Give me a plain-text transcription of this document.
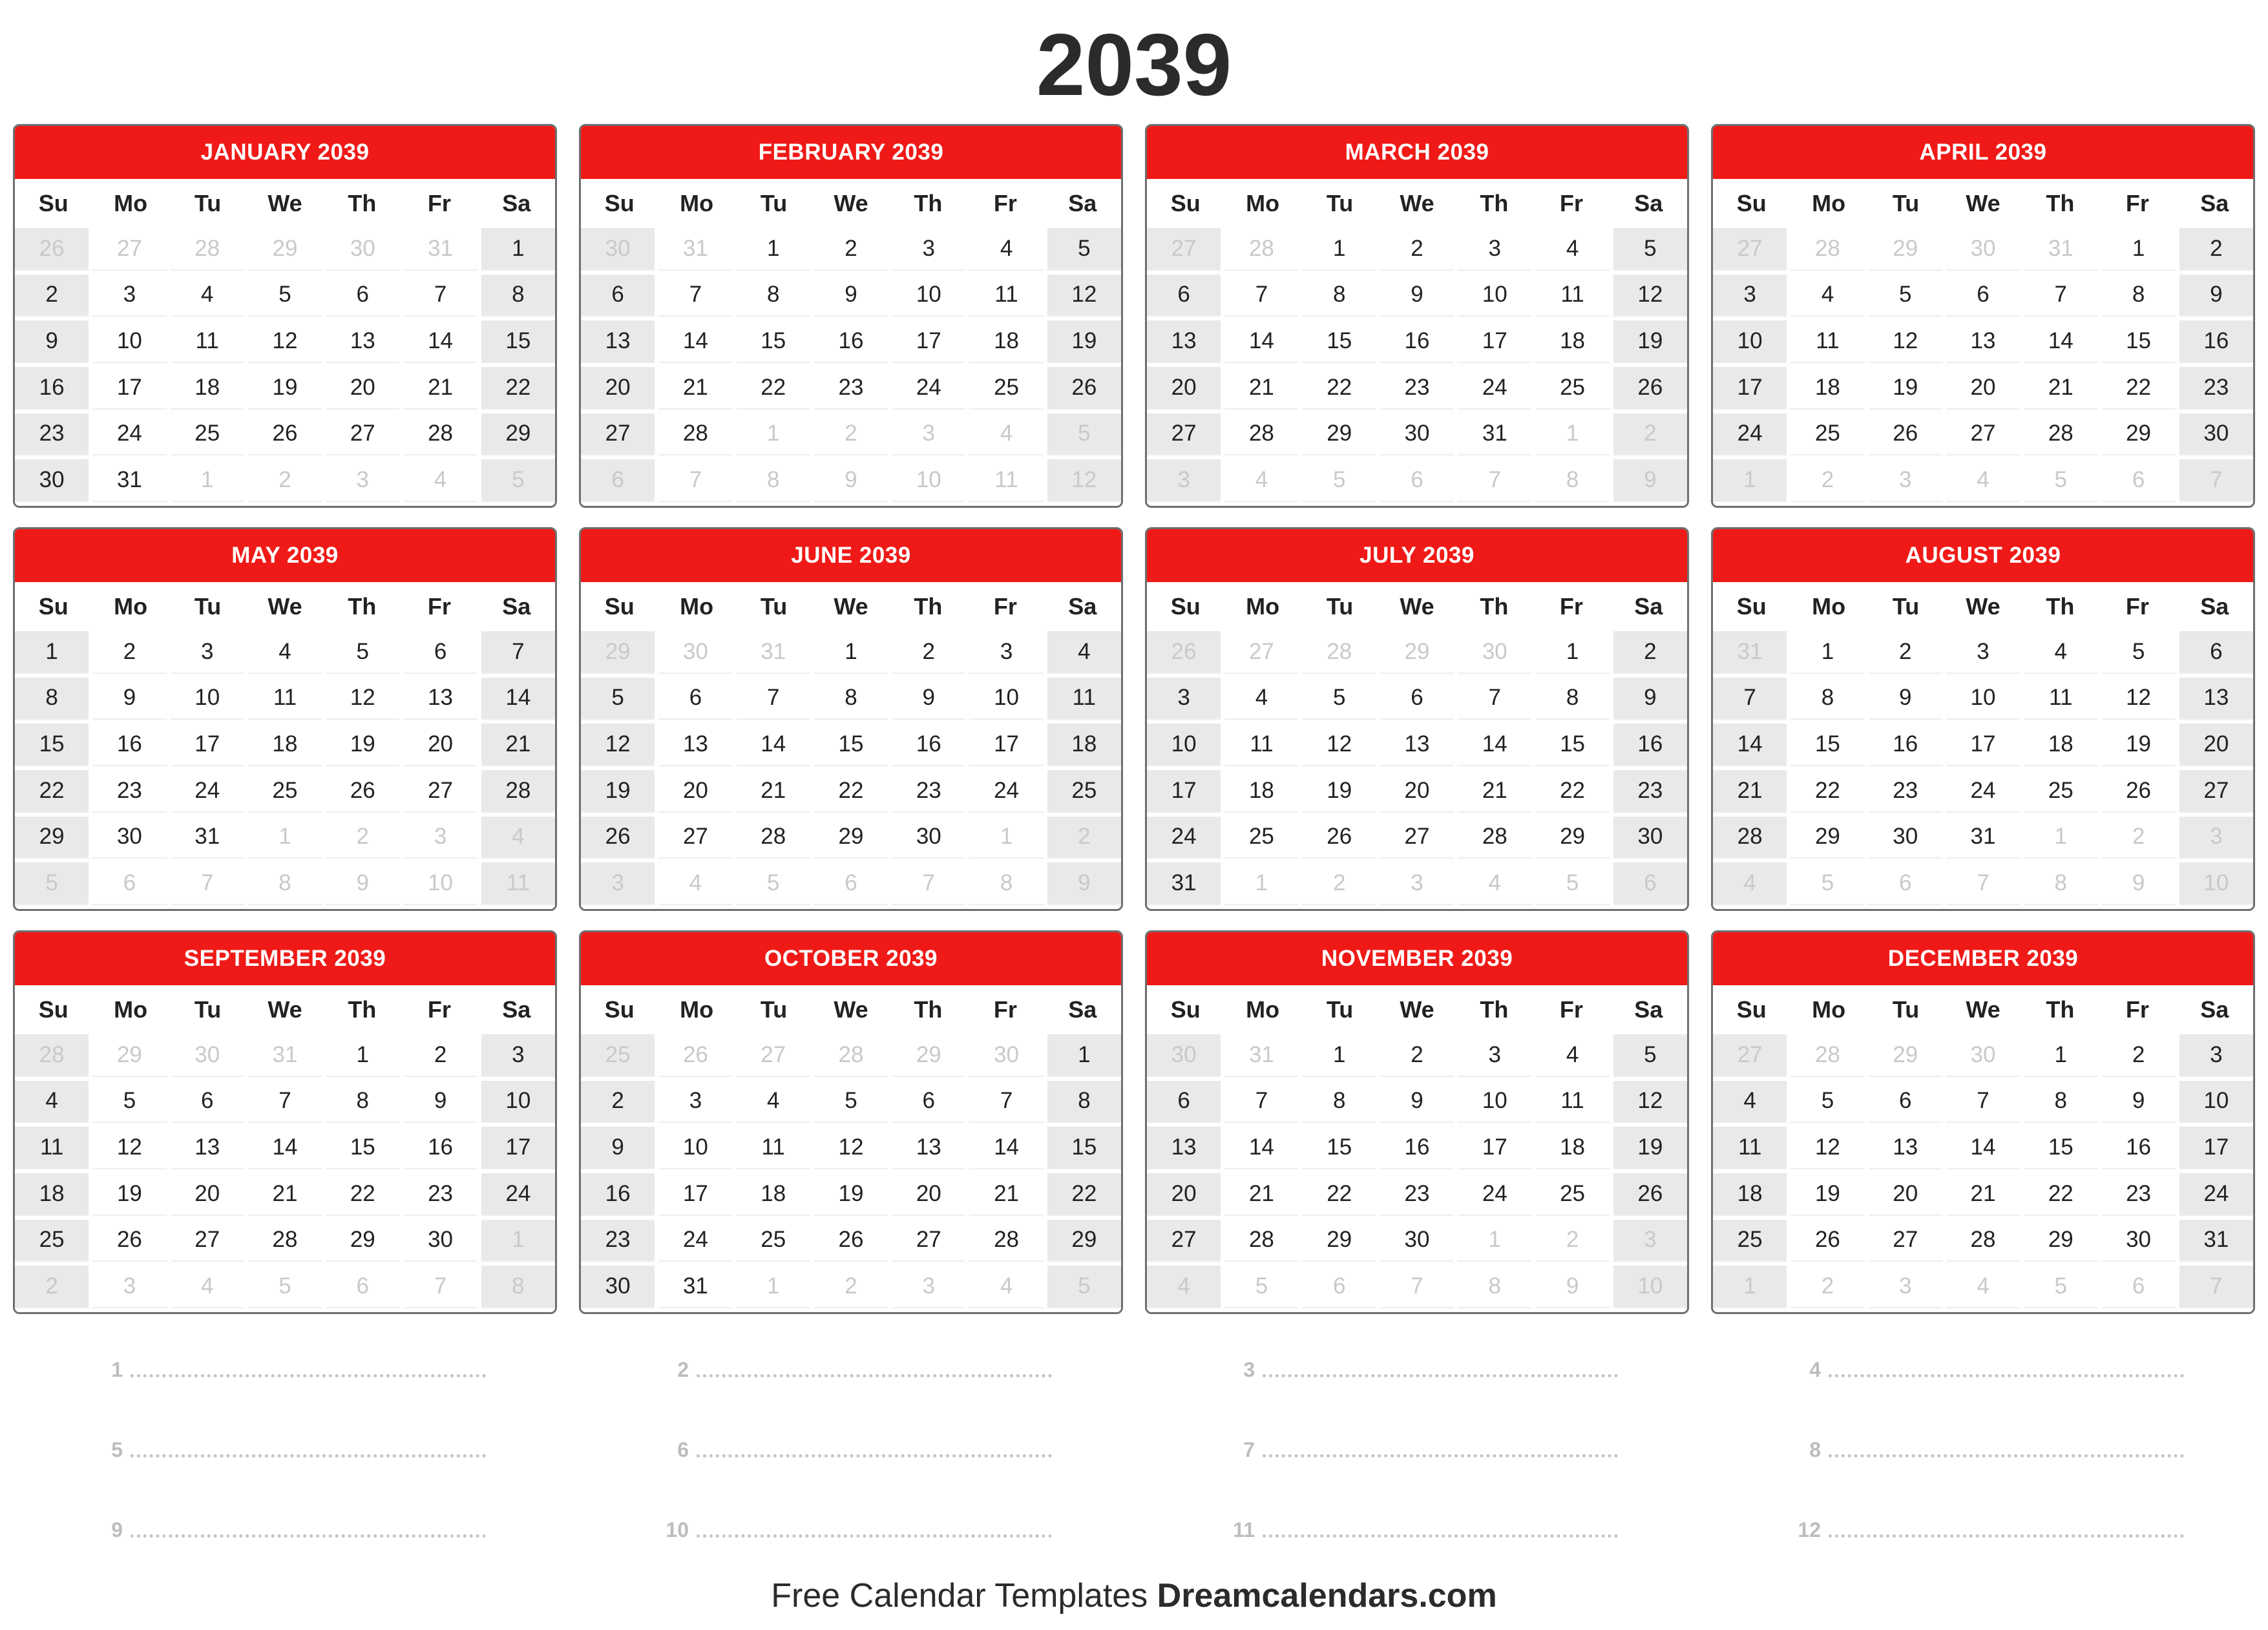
2039
JANUARY 2039
Su	Mo	Tu	We	Th	Fr	Sa
26	27	28	29	30	31	1
2	3	4	5	6	7	8
9	10	11	12	13	14	15
16	17	18	19	20	21	22
23	24	25	26	27	28	29
30	31	1	2	3	4	5
FEBRUARY 2039
Su	Mo	Tu	We	Th	Fr	Sa
30	31	1	2	3	4	5
6	7	8	9	10	11	12
13	14	15	16	17	18	19
20	21	22	23	24	25	26
27	28	1	2	3	4	5
6	7	8	9	10	11	12
MARCH 2039
Su	Mo	Tu	We	Th	Fr	Sa
27	28	1	2	3	4	5
6	7	8	9	10	11	12
13	14	15	16	17	18	19
20	21	22	23	24	25	26
27	28	29	30	31	1	2
3	4	5	6	7	8	9
APRIL 2039
Su	Mo	Tu	We	Th	Fr	Sa
27	28	29	30	31	1	2
3	4	5	6	7	8	9
10	11	12	13	14	15	16
17	18	19	20	21	22	23
24	25	26	27	28	29	30
1	2	3	4	5	6	7
MAY 2039
Su	Mo	Tu	We	Th	Fr	Sa
1	2	3	4	5	6	7
8	9	10	11	12	13	14
15	16	17	18	19	20	21
22	23	24	25	26	27	28
29	30	31	1	2	3	4
5	6	7	8	9	10	11
JUNE 2039
Su	Mo	Tu	We	Th	Fr	Sa
29	30	31	1	2	3	4
5	6	7	8	9	10	11
12	13	14	15	16	17	18
19	20	21	22	23	24	25
26	27	28	29	30	1	2
3	4	5	6	7	8	9
JULY 2039
Su	Mo	Tu	We	Th	Fr	Sa
26	27	28	29	30	1	2
3	4	5	6	7	8	9
10	11	12	13	14	15	16
17	18	19	20	21	22	23
24	25	26	27	28	29	30
31	1	2	3	4	5	6
AUGUST 2039
Su	Mo	Tu	We	Th	Fr	Sa
31	1	2	3	4	5	6
7	8	9	10	11	12	13
14	15	16	17	18	19	20
21	22	23	24	25	26	27
28	29	30	31	1	2	3
4	5	6	7	8	9	10
SEPTEMBER 2039
Su	Mo	Tu	We	Th	Fr	Sa
28	29	30	31	1	2	3
4	5	6	7	8	9	10
11	12	13	14	15	16	17
18	19	20	21	22	23	24
25	26	27	28	29	30	1
2	3	4	5	6	7	8
OCTOBER 2039
Su	Mo	Tu	We	Th	Fr	Sa
25	26	27	28	29	30	1
2	3	4	5	6	7	8
9	10	11	12	13	14	15
16	17	18	19	20	21	22
23	24	25	26	27	28	29
30	31	1	2	3	4	5
NOVEMBER 2039
Su	Mo	Tu	We	Th	Fr	Sa
30	31	1	2	3	4	5
6	7	8	9	10	11	12
13	14	15	16	17	18	19
20	21	22	23	24	25	26
27	28	29	30	1	2	3
4	5	6	7	8	9	10
DECEMBER 2039
Su	Mo	Tu	We	Th	Fr	Sa
27	28	29	30	1	2	3
4	5	6	7	8	9	10
11	12	13	14	15	16	17
18	19	20	21	22	23	24
25	26	27	28	29	30	31
1	2	3	4	5	6	7
1	2	3	4
5	6	7	8
9	10	11	12
Free Calendar Templates Dreamcalendars.com
